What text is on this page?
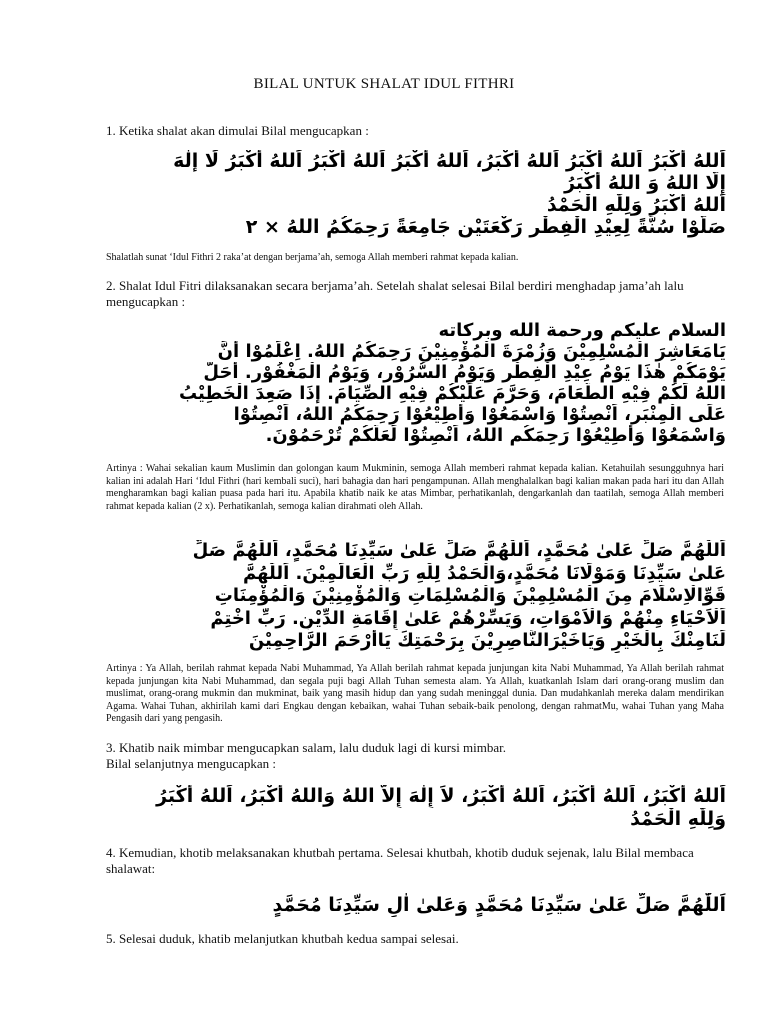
BILAL UNTUK SHALAT IDUL FITHRI
1. Ketika shalat akan dimulai Bilal mengucapkan :
اَللهُ أَكْبَرُ اَللهُ أَكْبَرُ اَللهُ أَكْبَرُ، اَللهُ أَكْبَرُ اَللهُ أَكْبَرُ اَللهُ أَكْبَرُ لَا إِلٰهَ
إِلَّا اللهُ وَ اللهُ أَكْبَرُ
اَللهُ أَكْبَرُ وَلِلّٰهِ الْحَمْدُ
صَلُّوْا سُنَّةً لِعِيْدِ الْفِطْرِ رَكْعَتَيْنِ جَامِعَةً رَحِمَكُمُ اللهُ × ٢
Shalatlah sunat ‘Idul Fithri 2 raka’at dengan berjama’ah, semoga Allah memberi rahmat kepada kalian.
2. Shalat Idul Fitri dilaksanakan secara berjama’ah. Setelah shalat selesai Bilal berdiri menghadap jama’ah lalu mengucapkan :
السلام عليكم ورحمة الله وبركاته
يَامَعَاشِرَ الْمُسْلِمِيْنَ وَزُمْرَةَ الْمُؤْمِنِيْنَ رَحِمَكُمُ اللهُ. اِعْلَمُوْا أَنَّ
يَوْمَكُمْ هٰذَا يَوْمُ عِيْدِ الْفِطْرِ وَيَوْمُ السُّرُوْرِ، وَيَوْمُ الْمَغْفُوْرِ. أَحَلَّ
اللهُ لَكُمْ فِيْهِ الطَّعَامَ، وَحَرَّمَ عَلَيْكُمْ فِيْهِ الصِّيَامَ. إِذَا صَعِدَ الْخَطِيْبُ
عَلَى الْمِنْبَرِ، اَنْصِتُوْا وَاسْمَعُوْا وَأَطِيْعُوْا رَحِمَكُمُ اللهُ، اَنْصِتُوْا
وَاسْمَعُوْا وَأَطِيْعُوْا رَحِمَكُم اللهُ، اَنْصِتُوْا لَعَلَّكُمْ تُرْحَمُوْنَ.
Artinya : Wahai sekalian kaum Muslimin dan golongan kaum Mukminin, semoga Allah memberi rahmat kepada kalian. Ketahuilah sesungguhnya hari kalian ini adalah Hari ‘Idul Fithri (hari kembali suci), hari bahagia dan hari pengampunan. Allah menghalalkan bagi kalian makan pada hari itu dan Allah mengharamkan bagi kalian puasa pada hari itu. Apabila khatib naik ke atas Mimbar, perhatikanlah, dengarkanlah dan taatilah, semoga Allah memberi rahmat kepada kalian (2 x). Perhatikanlah, semoga kalian dirahmati oleh Allah.
اَللّٰهُمَّ صَلِّ عَلىٰ مُحَمَّدٍ، اَللّٰهُمَّ صَلِّ عَلىٰ سَيِّدِنَا مُحَمَّدٍ، اَللّٰهُمَّ صَلِّ
عَلىٰ سَيِّدِنَا وَمَوْلَانَا مُحَمَّدٍ،وَالْحَمْدُ لِلّٰهِ رَبِّ الْعَالَمِيْنَ. اَللّٰهُمَّ
قَوِّالْاِسْلَامَ مِنَ الْمُسْلِمِيْنَ وَالْمُسْلِمَاتِ وَالْمُؤْمِنِيْنَ وَالْمُؤْمِنَاتِ
اَلْاَحْيَاءِ مِنْهُمْ وَالْاَمْوَاتِ، وَيَسِّرْهُمْ عَلىٰ إِقَامَةِ الدِّيْنِ. رَبِّ اخْتِمْ
لَنَامِنْكَ بِالْخَيْرِ وَيَاخَيْرَالنَّاصِرِيْنَ بِرَحْمَتِكَ يَاأَرْحَمَ الرَّاحِمِيْنَ
Artinya : Ya Allah, berilah rahmat kepada Nabi Muhammad, Ya Allah berilah rahmat kepada junjungan kita Nabi Muhammad, Ya Allah berilah rahmat kepada junjungan kita Nabi Muhammad, dan segala puji bagi Allah Tuhan semesta alam. Ya Allah, kuatkanlah Islam dari orang-orang muslim dan muslimat, orang-orang mukmin dan mukminat, baik yang masih hidup dan yang sudah meninggal dunia. Dan mudahkanlah mereka dalam mendirikan Agama. Wahai Tuhan, akhirilah kami dari Engkau dengan kebaikan, wahai Tuhan sebaik-baik penolong, dengan rahmatMu, wahai Tuhan yang Maha Pengasih dari yang pengasih.
3. Khatib naik mimbar mengucapkan salam, lalu duduk lagi di kursi mimbar.
Bilal selanjutnya mengucapkan :
اَللهُ أَكْبَرُ، اَللهُ أَكْبَرُ، اَللهُ أَكْبَرُ، لاَ إِلٰهَ إِلاَّ اللهُ وَاللهُ أَكْبَرُ، اَللهُ أَكْبَرُ
وَلِلّٰهِ الْحَمْدُ
4. Kemudian, khotib melaksanakan khutbah pertama. Selesai khutbah, khotib duduk sejenak, lalu Bilal membaca shalawat:
اَللّٰهُمَّ صَلِّ عَلىٰ سَيِّدِنَا مُحَمَّدٍ وَعَلىٰ اٰلِ سَيِّدِنَا مُحَمَّدٍ
5. Selesai duduk, khatib melanjutkan khutbah kedua sampai selesai.
